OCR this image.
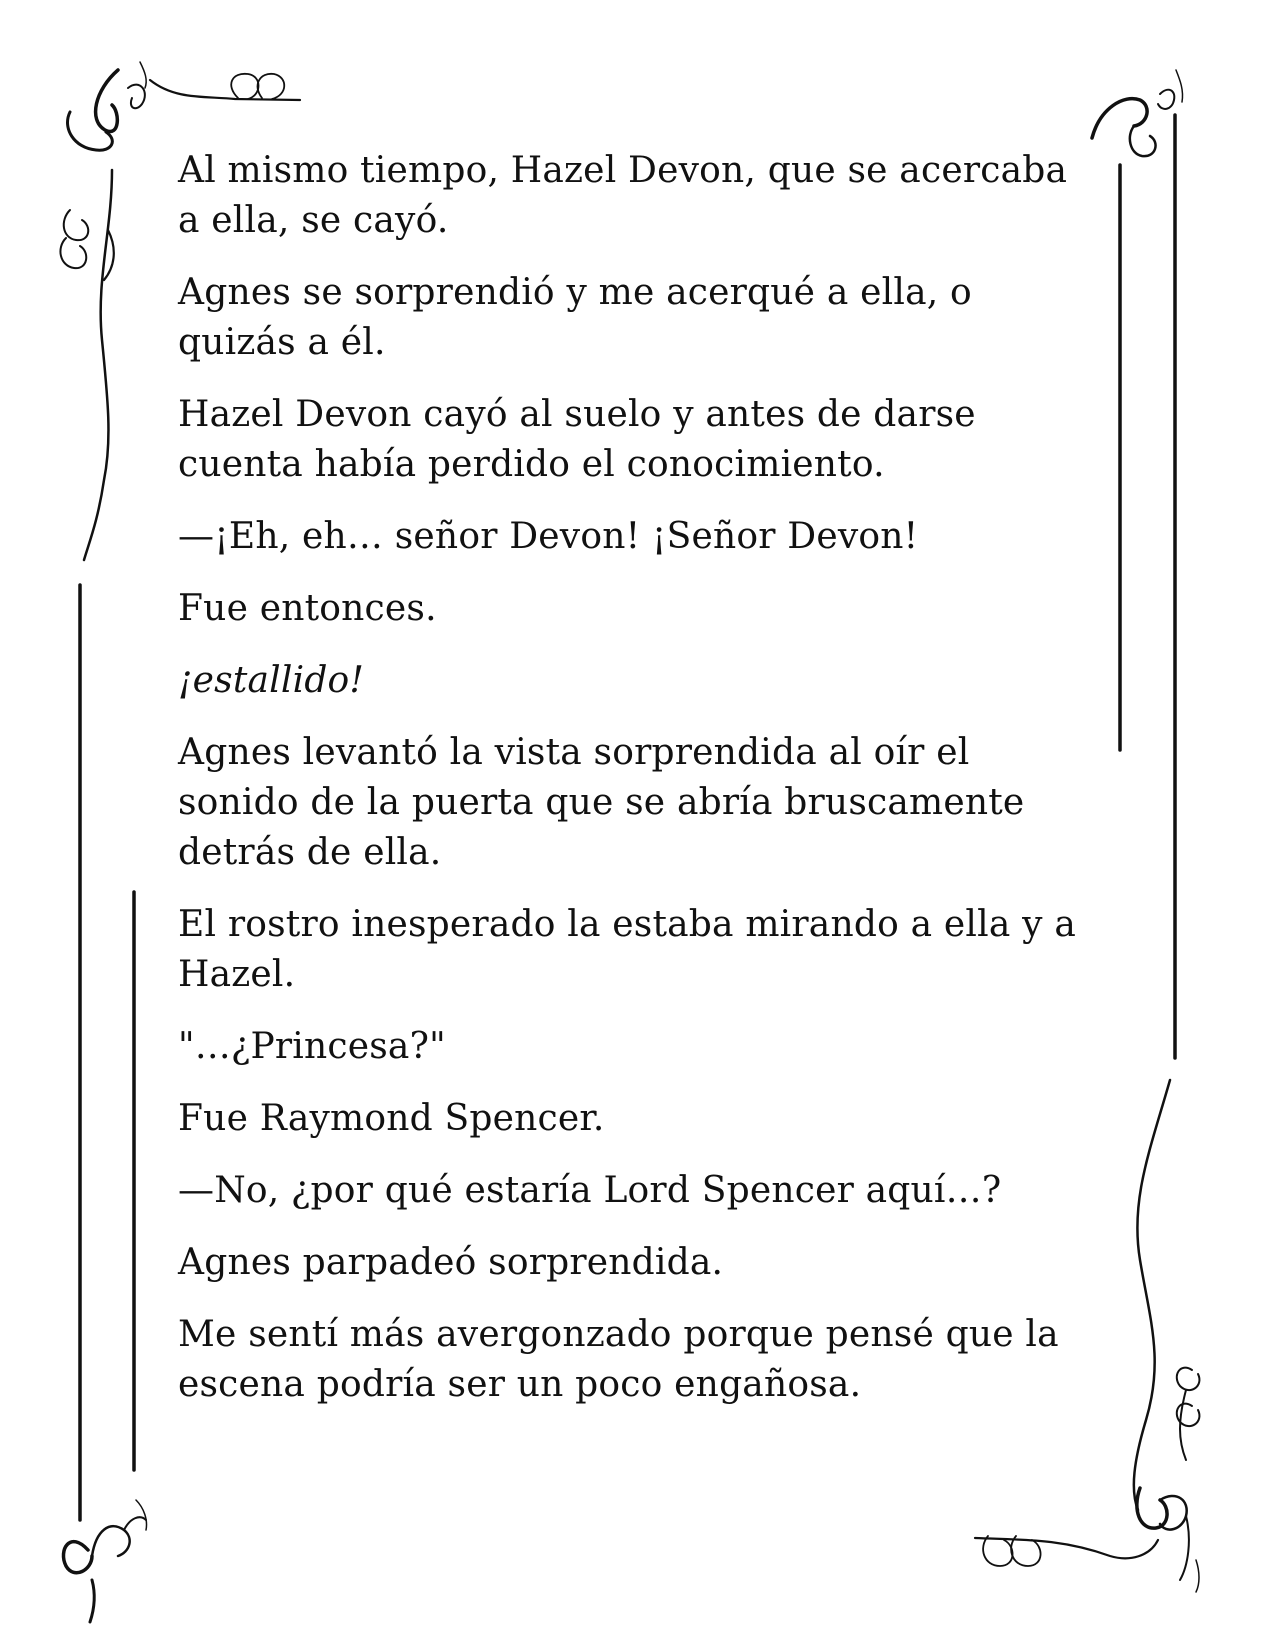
Al mismo tiempo, Hazel Devon, que se acercaba a ella, se cayó.

Agnes se sorprendió y me acerqué a ella, o quizás a él.

Hazel Devon cayó al suelo y antes de darse cuenta había perdido el conocimiento.

—¡Eh, eh… señor Devon! ¡Señor Devon!

Fue entonces.

¡estallido!

Agnes levantó la vista sorprendida al oír el sonido de la puerta que se abría bruscamente detrás de ella.

El rostro inesperado la estaba mirando a ella y a Hazel.

"…¿Princesa?"

Fue Raymond Spencer.

—No, ¿por qué estaría Lord Spencer aquí…?

Agnes parpadeó sorprendida.

Me sentí más avergonzado porque pensé que la escena podría ser un poco engañosa.
